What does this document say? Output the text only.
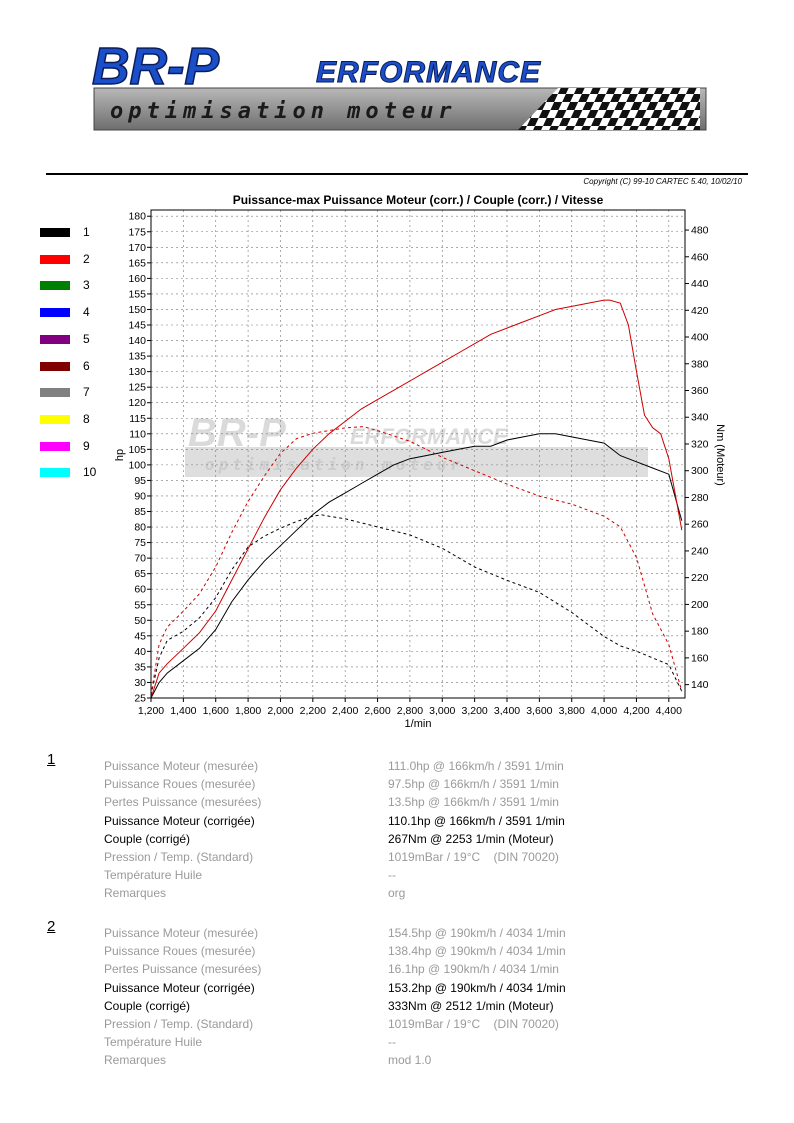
BR-P	ERFORMANCE
optimisation moteur
Copyright (C) 99-10 CARTEC 5.40, 10/02/10
1
2
3
4
5
6
7
8
9
10
Puissance-max Puissance Moteur (corr.) / Couple (corr.) / Vitesse
BR-P	ERFORMANCE
optimisation moteur
1,200 1,400 1,600 1,800 2,000 2,200 2,400 2,600 2,800 3,000 3,200 3,400 3,600 3,800 4,000 4,200 4,400
25
30
35
40
45
50
55
60
65
70
75
80
85
90
95
100
105
110
115
120
125
130
135
140
145
150
155
160
165
170
175
180
140
160
180
200
220
240
260
280
300
320
340
360
380
400
420
440
460
480
hp	Nm (Moteur)
1/min
1	Puissance Moteur (mesurée)	111.0hp @ 166km/h / 3591 1/min
Puissance Roues (mesurée)	97.5hp @ 166km/h / 3591 1/min
Pertes Puissance (mesurées)	13.5hp @ 166km/h / 3591 1/min
Puissance Moteur (corrigée)	110.1hp @ 166km/h / 3591 1/min
Couple (corrigé)	267Nm @ 2253 1/min (Moteur)
Pression / Temp. (Standard)	1019mBar / 19°C    (DIN 70020)
Température Huile	--
Remarques	org
2	Puissance Moteur (mesurée)	154.5hp @ 190km/h / 4034 1/min
Puissance Roues (mesurée)	138.4hp @ 190km/h / 4034 1/min
Pertes Puissance (mesurées)	16.1hp @ 190km/h / 4034 1/min
Puissance Moteur (corrigée)	153.2hp @ 190km/h / 4034 1/min
Couple (corrigé)	333Nm @ 2512 1/min (Moteur)
Pression / Temp. (Standard)	1019mBar / 19°C    (DIN 70020)
Température Huile	--
Remarques	mod 1.0
